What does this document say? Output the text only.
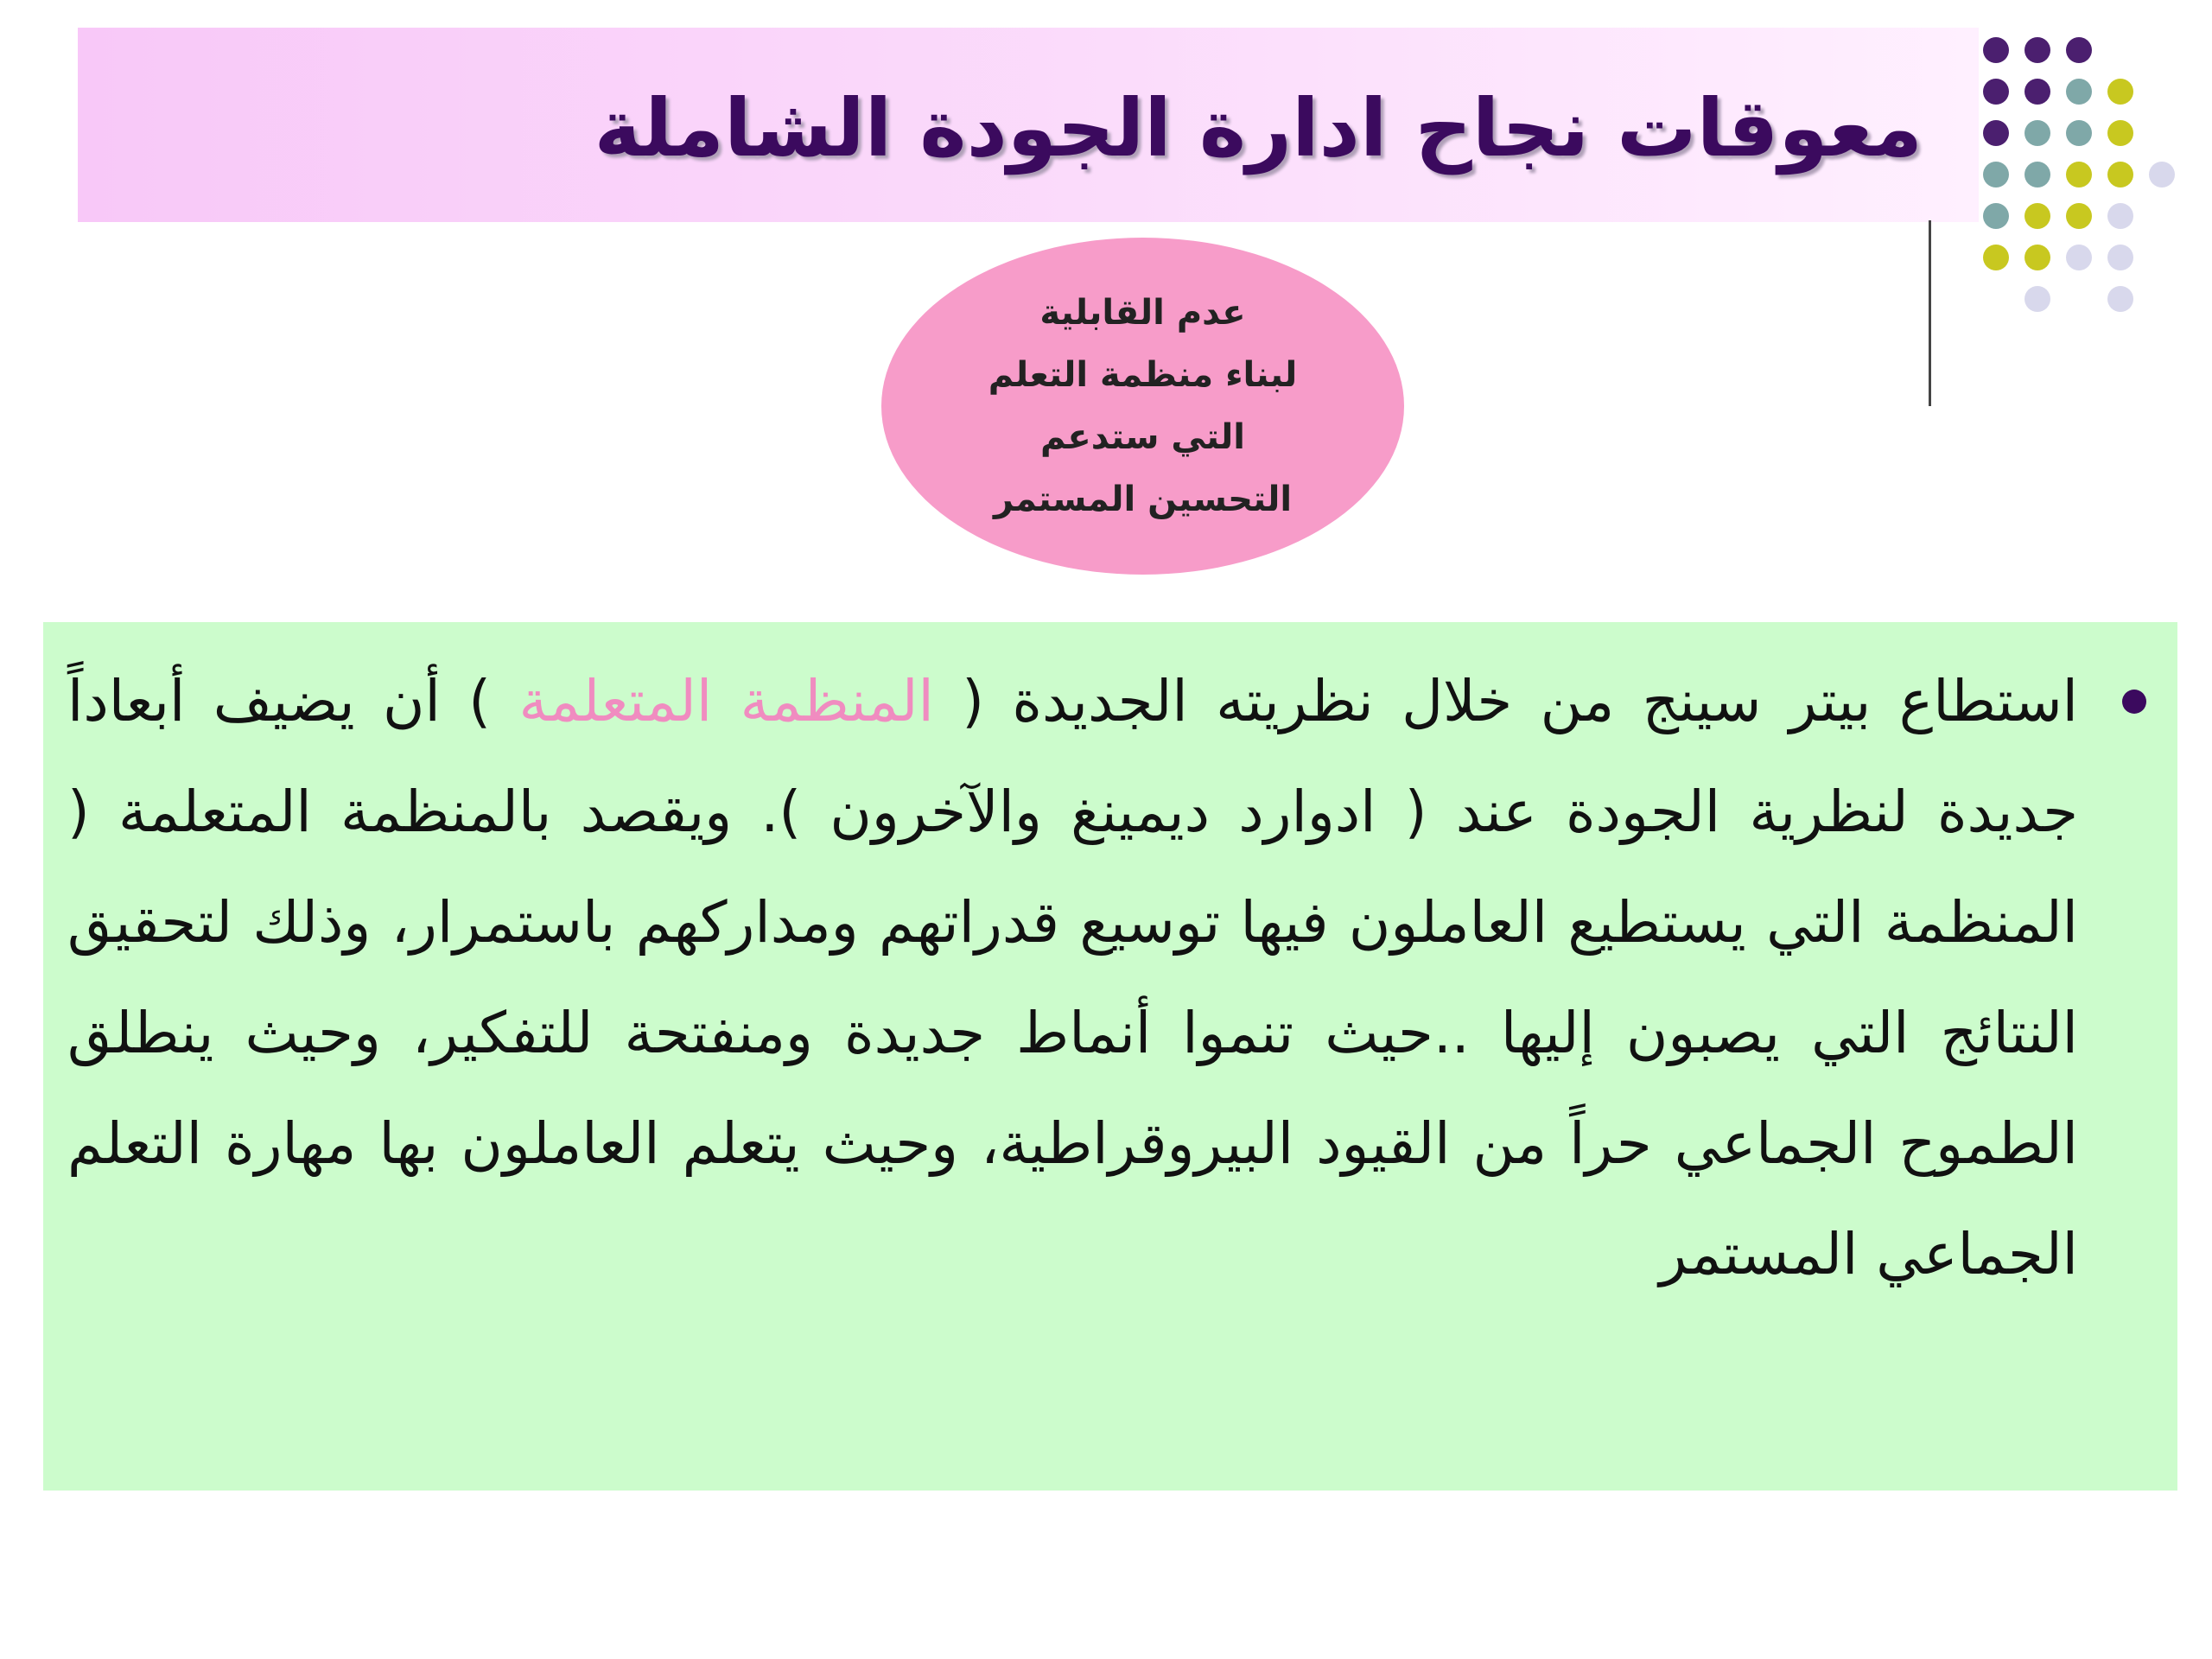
معوقات نجاح ادارة الجودة الشاملة
عدم القابلية
لبناء منظمة التعلم
التي ستدعم
التحسين المستمر

استطاع بيتر سينج من خلال نظريته الجديدة ( المنظمة المتعلمة ) أن يضيف أبعاداً جديدة لنظرية الجودة عند ( ادوارد ديمينغ والآخرون ). ويقصد بالمنظمة المتعلمة ( المنظمة التي يستطيع العاملون فيها توسيع قدراتهم ومداركهم باستمرار، وذلك لتحقيق النتائج التي يصبون إليها ..حيث تنموا أنماط جديدة ومنفتحة للتفكير، وحيث ينطلق الطموح الجماعي حراً من القيود البيروقراطية، وحيث يتعلم العاملون بها مهارة التعلم الجماعي المستمر
